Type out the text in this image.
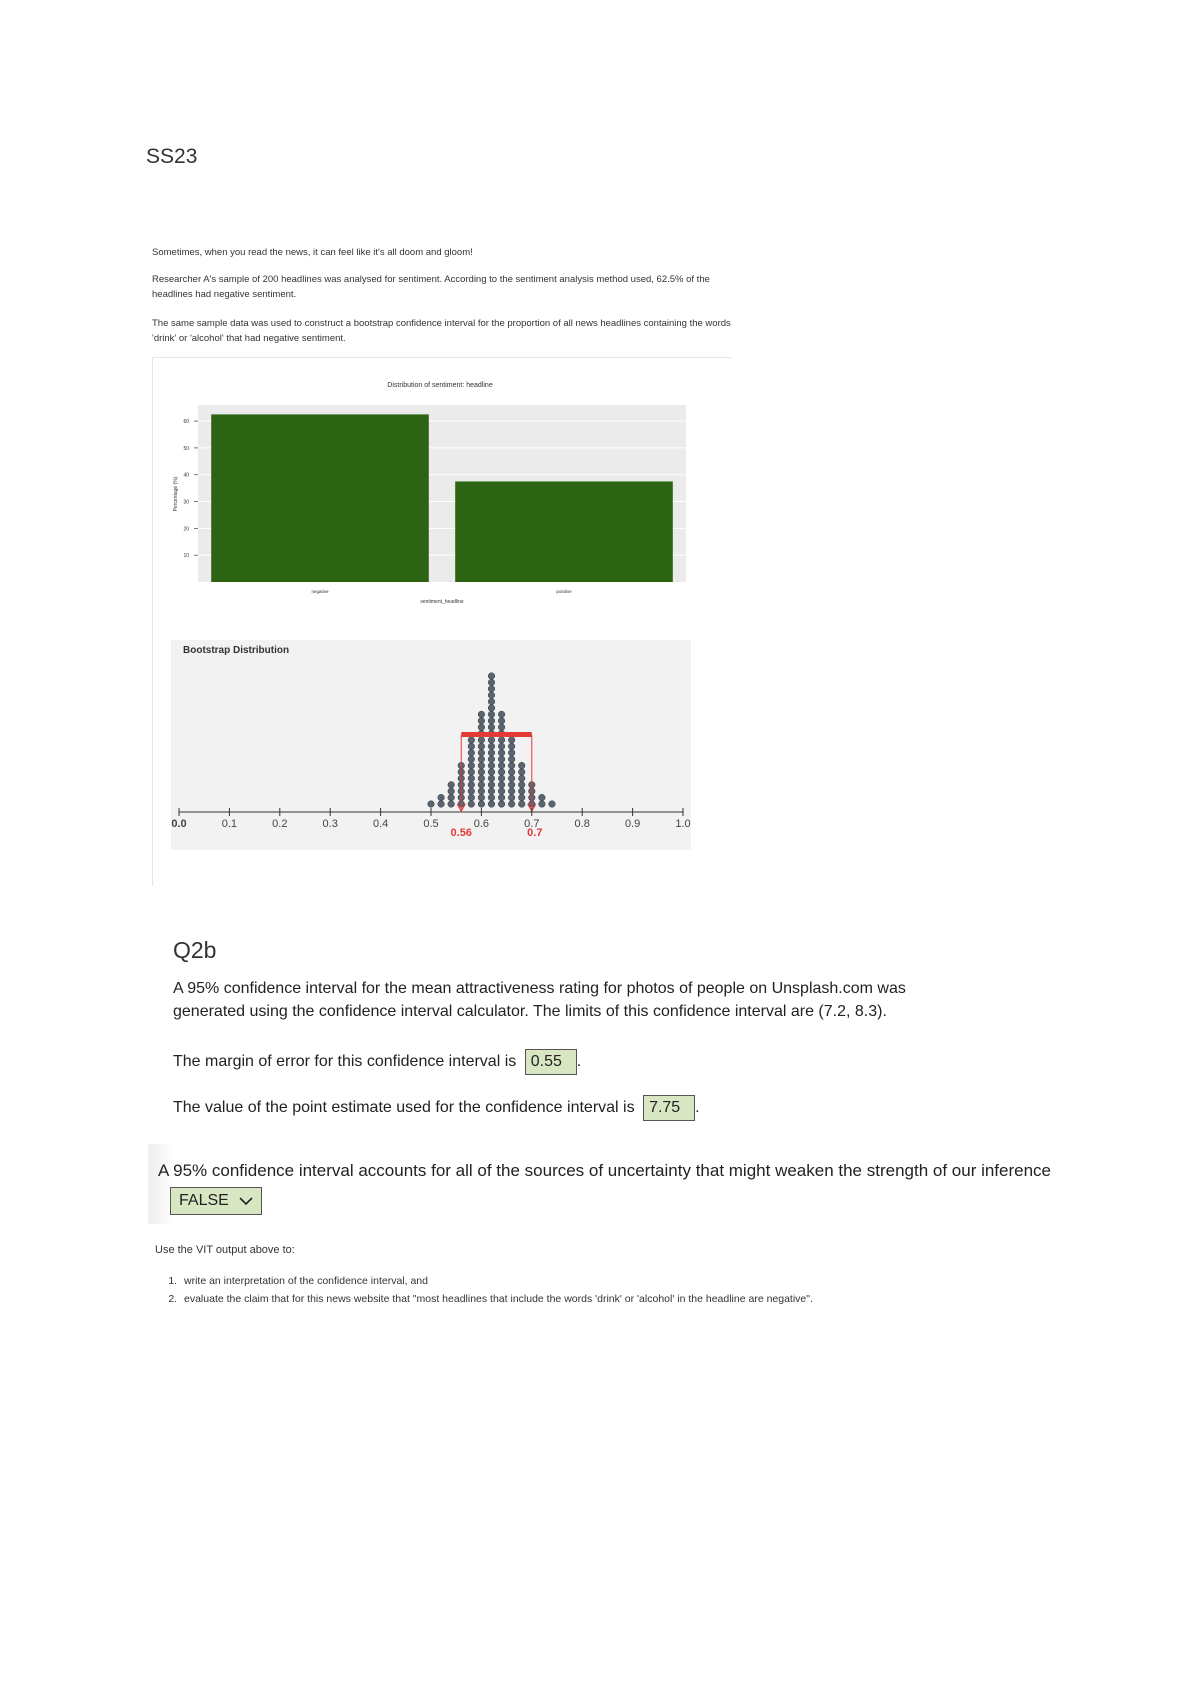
SS23
Sometimes, when you read the news, it can feel like it's all doom and gloom!
Researcher A's sample of 200 headlines was analysed for sentiment. According to the sentiment analysis method used, 62.5% of the headlines had negative sentiment.
The same sample data was used to construct a bootstrap confidence interval for the proportion of all news headlines containing the words 'drink' or 'alcohol' that had negative sentiment.
Distribution of sentiment: headline
10
20
30
40
50
60
negative	positive
sentiment_headline
Percentage (%)
Bootstrap Distribution
0.56	0.7
0.0	0.1	0.2	0.3	0.4	0.5	0.6	0.7	0.8	0.9	1.0
Q2b
A 95% confidence interval for the mean attractiveness rating for photos of people on Unsplash.com was generated using the confidence interval calculator. The limits of this confidence interval are (7.2, 8.3).
The margin of error for this confidence interval is 0.55 .
The value of the point estimate used for the confidence interval is 7.75 .
A 95% confidence interval accounts for all of the sources of uncertainty that might weaken the strength of our inference
FALSE
Use the VIT output above to:
1. write an interpretation of the confidence interval, and
2. evaluate the claim that for this news website that "most headlines that include the words 'drink' or 'alcohol' in the headline are negative".
